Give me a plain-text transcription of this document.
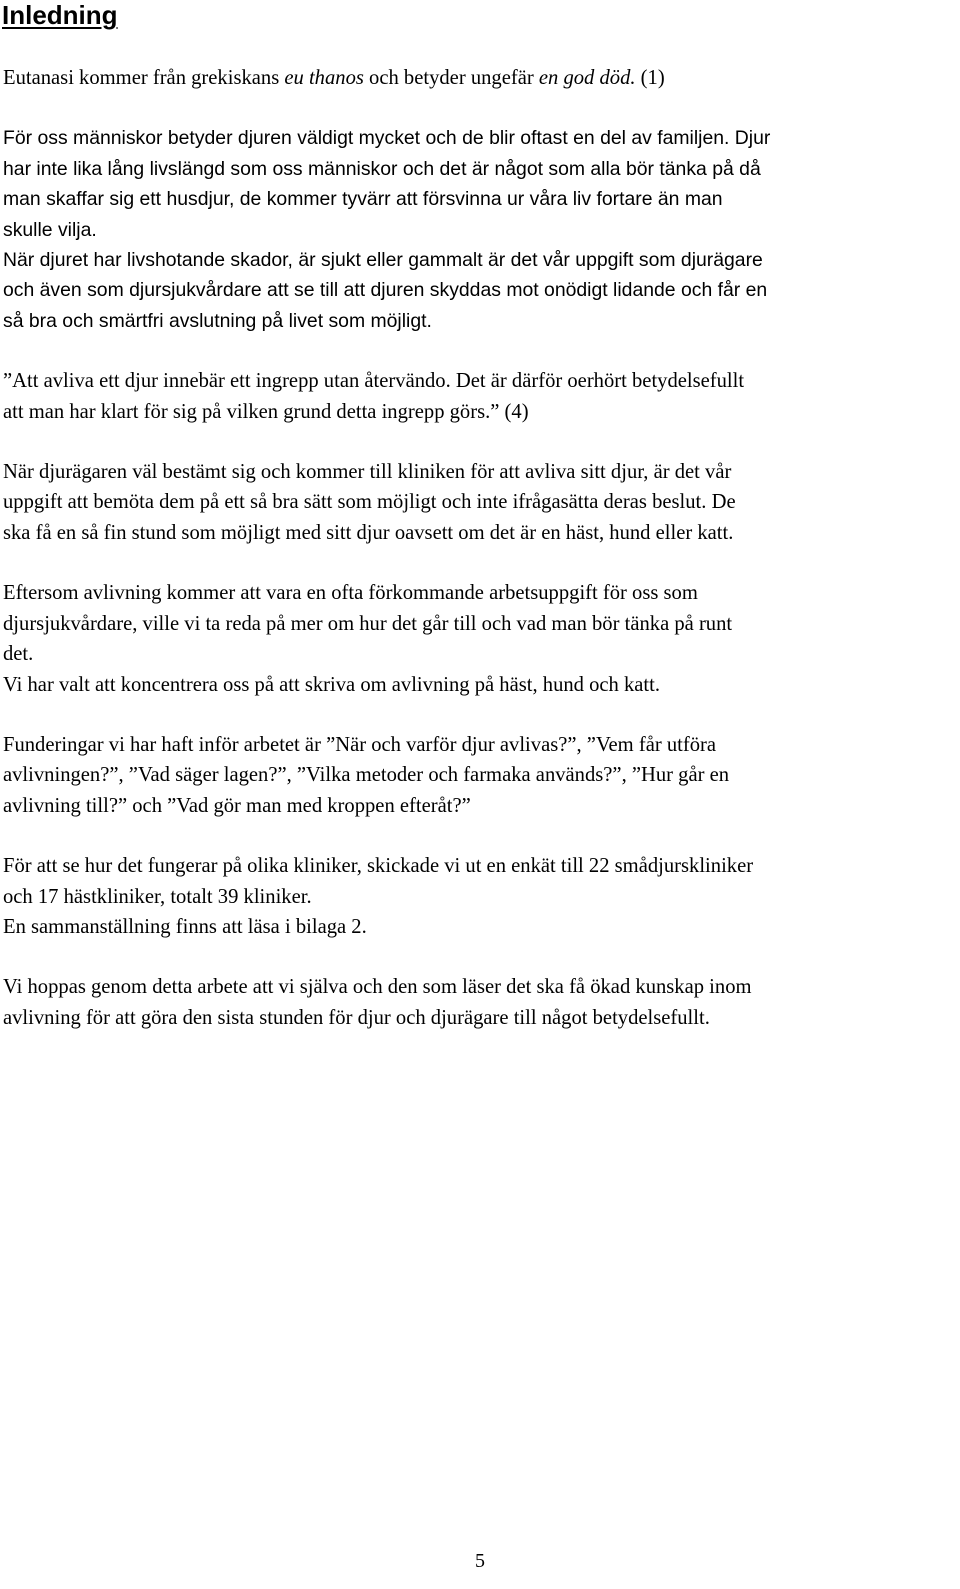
Inledning

Eutanasi kommer från grekiskans eu thanos och betyder ungefär en god död. (1)

För oss människor betyder djuren väldigt mycket och de blir oftast en del av familjen. Djur
har inte lika lång livslängd som oss människor och det är något som alla bör tänka på då
man skaffar sig ett husdjur, de kommer tyvärr att försvinna ur våra liv fortare än man
skulle vilja.

När djuret har livshotande skador, är sjukt eller gammalt är det vår uppgift som djurägare
och även som djursjukvårdare att se till att djuren skyddas mot onödigt lidande och får en
så bra och smärtfri avslutning på livet som möjligt.

”Att avliva ett djur innebär ett ingrepp utan återvändo. Det är därför oerhört betydelsefullt
att man har klart för sig på vilken grund detta ingrepp görs.” (4)

När djurägaren väl bestämt sig och kommer till kliniken för att avliva sitt djur, är det vår
uppgift att bemöta dem på ett så bra sätt som möjligt och inte ifrågasätta deras beslut. De
ska få en så fin stund som möjligt med sitt djur oavsett om det är en häst, hund eller katt.

Eftersom avlivning kommer att vara en ofta förkommande arbetsuppgift för oss som
djursjukvårdare, ville vi ta reda på mer om hur det går till och vad man bör tänka på runt
det.
Vi har valt att koncentrera oss på att skriva om avlivning på häst, hund och katt.

Funderingar vi har haft inför arbetet är ”När och varför djur avlivas?”, ”Vem får utföra
avlivningen?”, ”Vad säger lagen?”, ”Vilka metoder och farmaka används?”, ”Hur går en
avlivning till?” och ”Vad gör man med kroppen efteråt?”

För att se hur det fungerar på olika kliniker, skickade vi ut en enkät till 22 smådjurskliniker
och 17 hästkliniker, totalt 39 kliniker.
En sammanställning finns att läsa i bilaga 2.

Vi hoppas genom detta arbete att vi själva och den som läser det ska få ökad kunskap inom
avlivning för att göra den sista stunden för djur och djurägare till något betydelsefullt.

5
